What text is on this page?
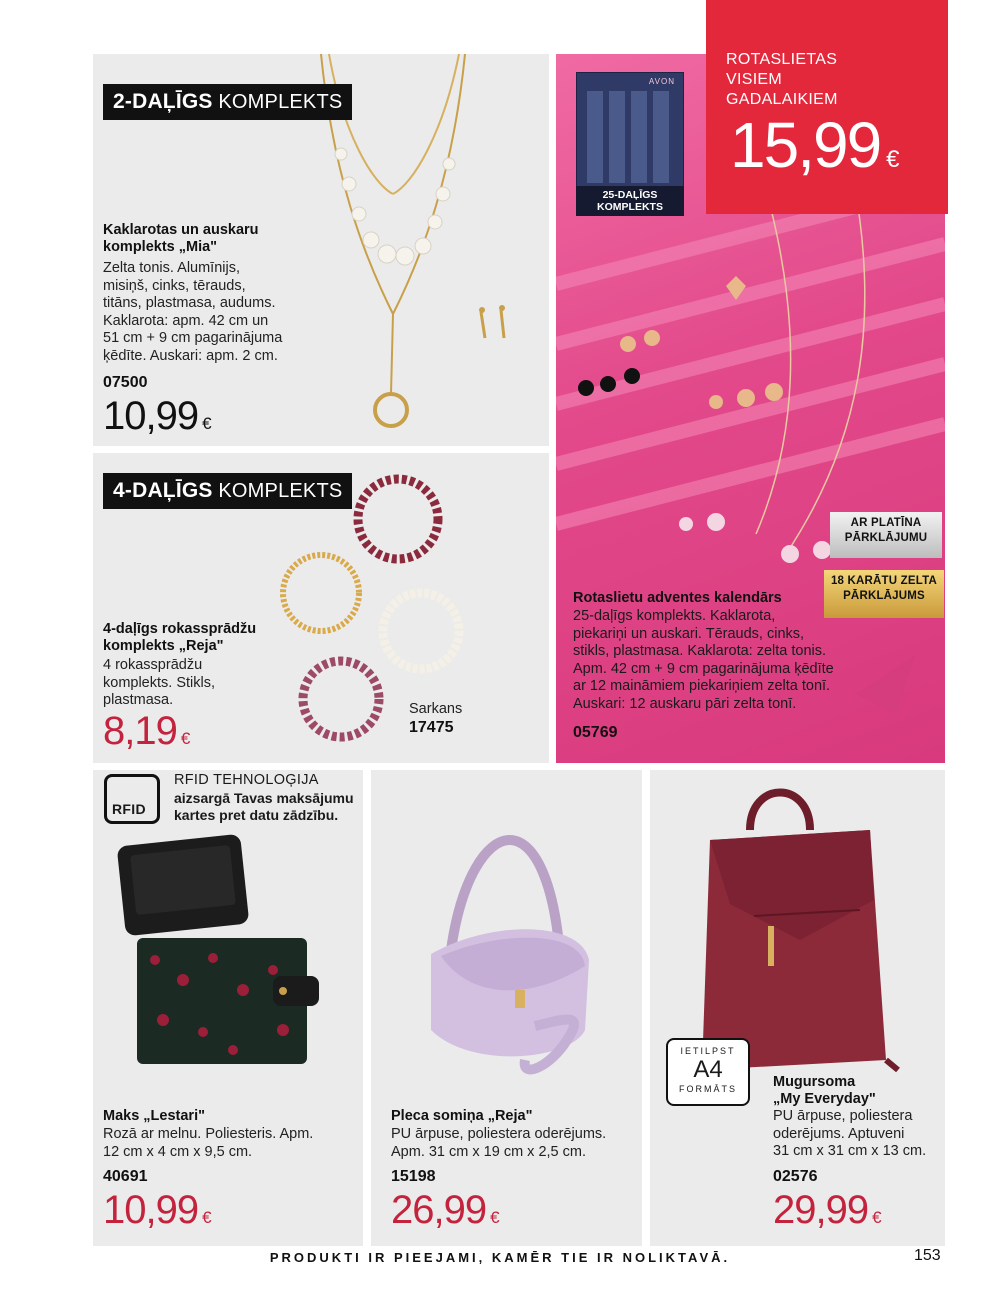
2-DAĻĪGS KOMPLEKTS
Kaklarotas un auskaru
komplekts „Mia"
Zelta tonis. Alumīnijs,
misiņš, cinks, tērauds,
titāns, plastmasa, audums.
Kaklarota: apm. 42 cm un
51 cm + 9 cm pagarinājuma
ķēdīte. Auskari: apm. 2 cm.
07500
10,99 €
4-DAĻĪGS KOMPLEKTS
4-daļīgs rokassprādžu
komplekts „Reja"
4 rokassprādžu
komplekts. Stikls,
plastmasa.
8,19 €
Sarkans
17475
AVON
25-DAĻĪGS
KOMPLEKTS
AR PLATĪNA
PĀRKLĀJUMU
18 KARĀTU ZELTA
PĀRKLĀJUMS
Rotaslietu adventes kalendārs
25-daļīgs komplekts. Kaklarota,
piekariņi un auskari. Tērauds, cinks,
stikls, plastmasa. Kaklarota: zelta tonis.
Apm. 42 cm + 9 cm pagarinājuma ķēdīte
ar 12 maināmiem piekariņiem zelta tonī.
Auskari: 12 auskaru pāri zelta tonī.
05769
ROTASLIETAS
VISIEM
GADALAIKIEM
15,99 €
RFID
RFID TEHNOLOĢIJA
aizsargā Tavas maksājumu
kartes pret datu zādzību.
Maks „Lestari"
Rozā ar melnu. Poliesteris. Apm.
12 cm x 4 cm x 9,5 cm.
40691
10,99 €
Pleca somiņa „Reja"
PU ārpuse, poliestera oderējums.
Apm. 31 cm x 19 cm x 2,5 cm.
15198
26,99 €
IETILPST
A4
FORMĀTS	Mugursoma
„My Everyday"
PU ārpuse, poliestera
oderējums. Aptuveni
31 cm x 31 cm x 13 cm.
02576
29,99 €
PRODUKTI IR PIEEJAMI, KAMĒR TIE IR NOLIKTAVĀ.	153
